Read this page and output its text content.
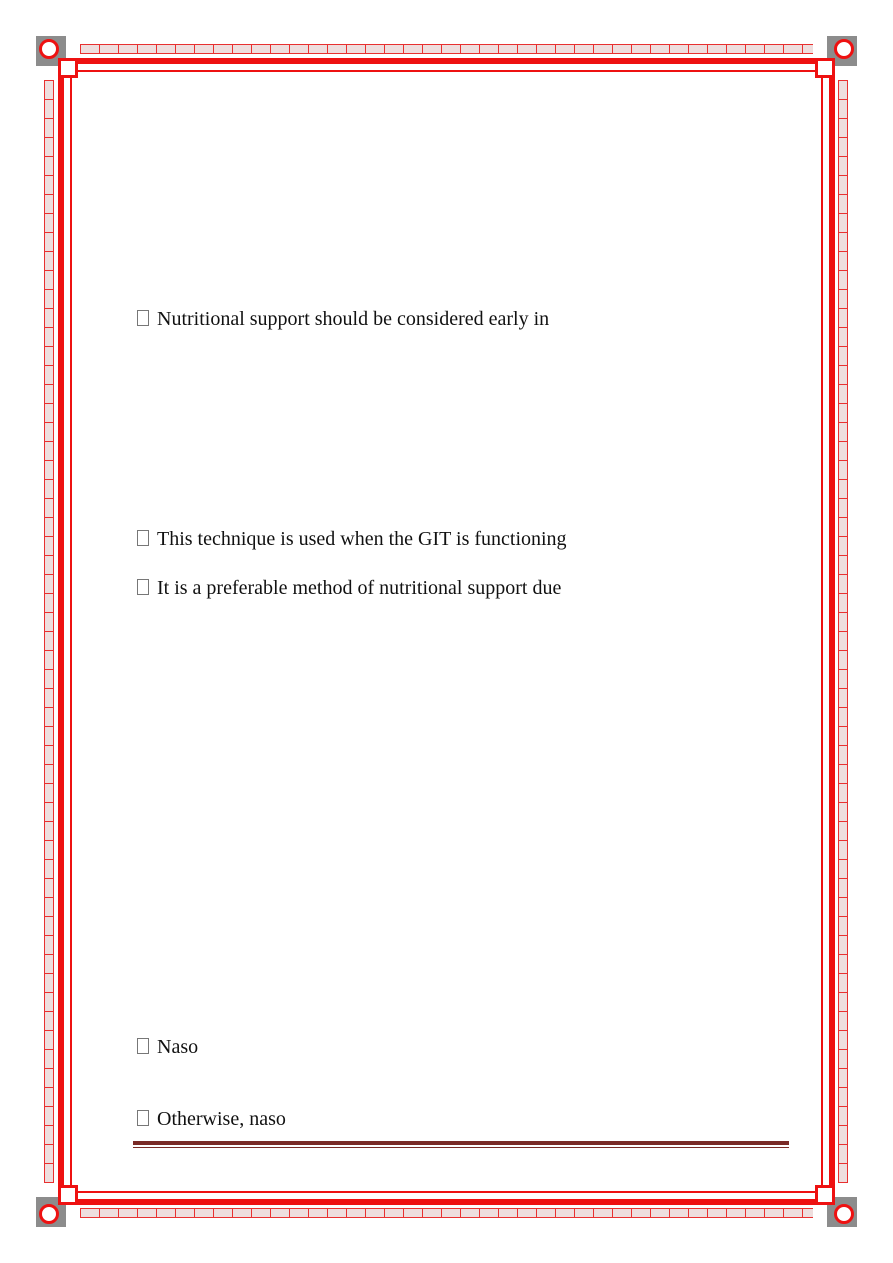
Nutritional support should be considered early in
This technique is used when the GIT is functioning
It is a preferable method of nutritional support due
Naso
Otherwise, naso
